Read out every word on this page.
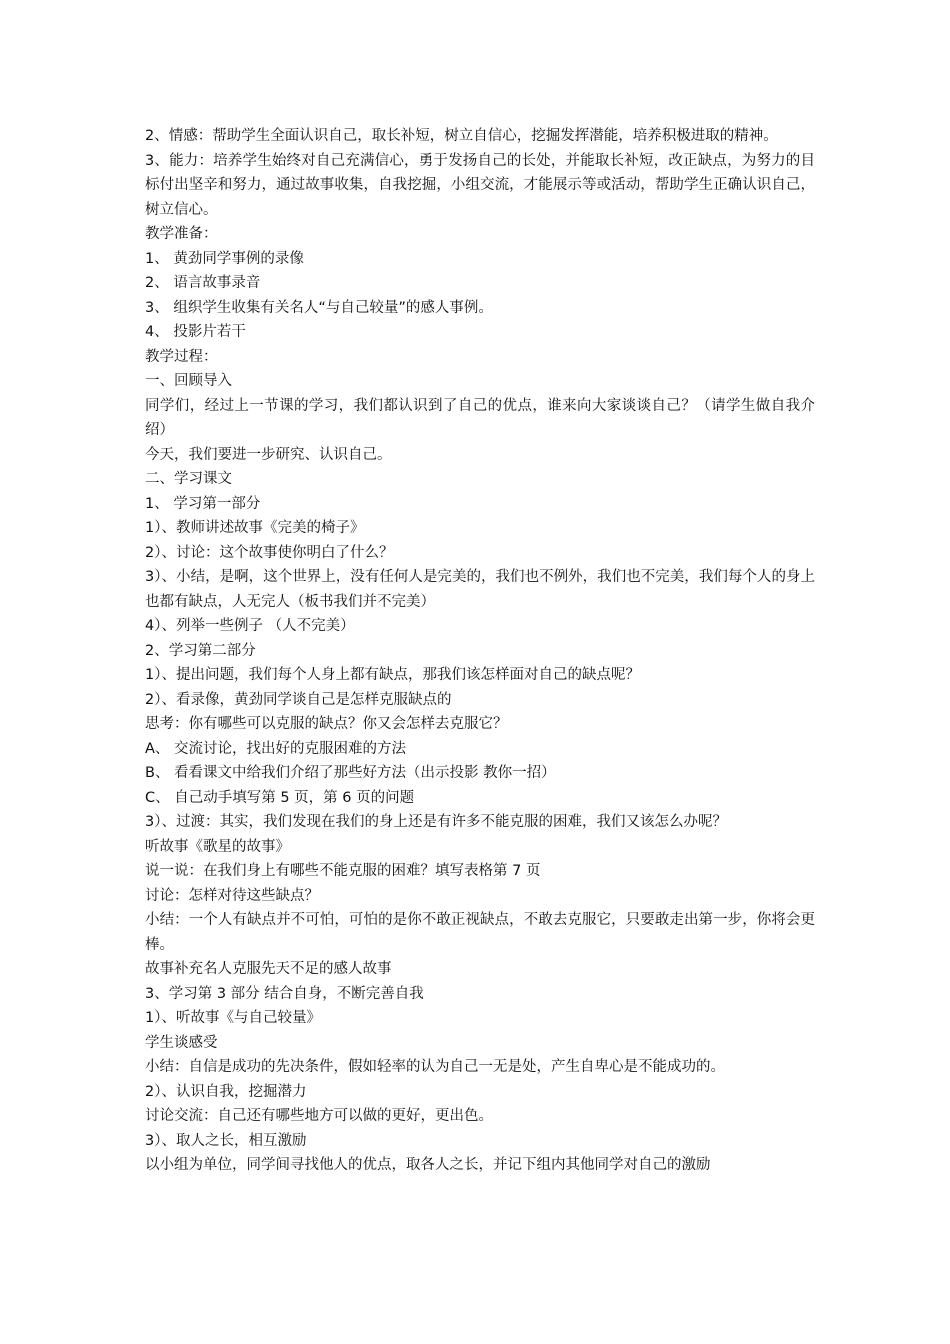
2、情感：帮助学生全面认识自己，取长补短，树立自信心，挖掘发挥潜能，培养积极进取的精神。
3、能力：培养学生始终对自己充满信心，勇于发扬自己的长处，并能取长补短，改正缺点，为努力的目标付出坚辛和努力，通过故事收集，自我挖掘，小组交流，才能展示等或活动，帮助学生正确认识自己，树立信心。
教学准备：
1、 黄劲同学事例的录像
2、 语言故事录音
3、 组织学生收集有关名人“与自己较量”的感人事例。
4、 投影片若干
教学过程：
一、回顾导入
同学们，经过上一节课的学习，我们都认识到了自己的优点，谁来向大家谈谈自己？（请学生做自我介绍）
今天，我们要进一步研究、认识自己。
二、学习课文
1、 学习第一部分
1）、教师讲述故事《完美的椅子》
2）、讨论：这个故事使你明白了什么？
3）、小结，是啊，这个世界上，没有任何人是完美的，我们也不例外，我们也不完美，我们每个人的身上也都有缺点，人无完人（板书我们并不完美）
4）、列举一些例子 （人不完美）
2、学习第二部分
1）、提出问题，我们每个人身上都有缺点，那我们该怎样面对自己的缺点呢？
2）、看录像，黄劲同学谈自己是怎样克服缺点的
思考：你有哪些可以克服的缺点？你又会怎样去克服它？
A、 交流讨论，找出好的克服困难的方法
B、 看看课文中给我们介绍了那些好方法（出示投影 教你一招）
C、 自己动手填写第 5 页，第 6 页的问题
3）、过渡：其实，我们发现在我们的身上还是有许多不能克服的困难，我们又该怎么办呢？
听故事《歌星的故事》
说一说：在我们身上有哪些不能克服的困难？填写表格第 7 页
讨论：怎样对待这些缺点？
小结：一个人有缺点并不可怕，可怕的是你不敢正视缺点，不敢去克服它，只要敢走出第一步，你将会更棒。
故事补充名人克服先天不足的感人故事
3、学习第 3 部分 结合自身，不断完善自我
1）、听故事《与自己较量》
学生谈感受
小结：自信是成功的先决条件，假如轻率的认为自己一无是处，产生自卑心是不能成功的。
2）、认识自我，挖掘潜力
讨论交流：自己还有哪些地方可以做的更好，更出色。
3）、取人之长，相互激励
以小组为单位，同学间寻找他人的优点，取各人之长，并记下组内其他同学对自己的激励
